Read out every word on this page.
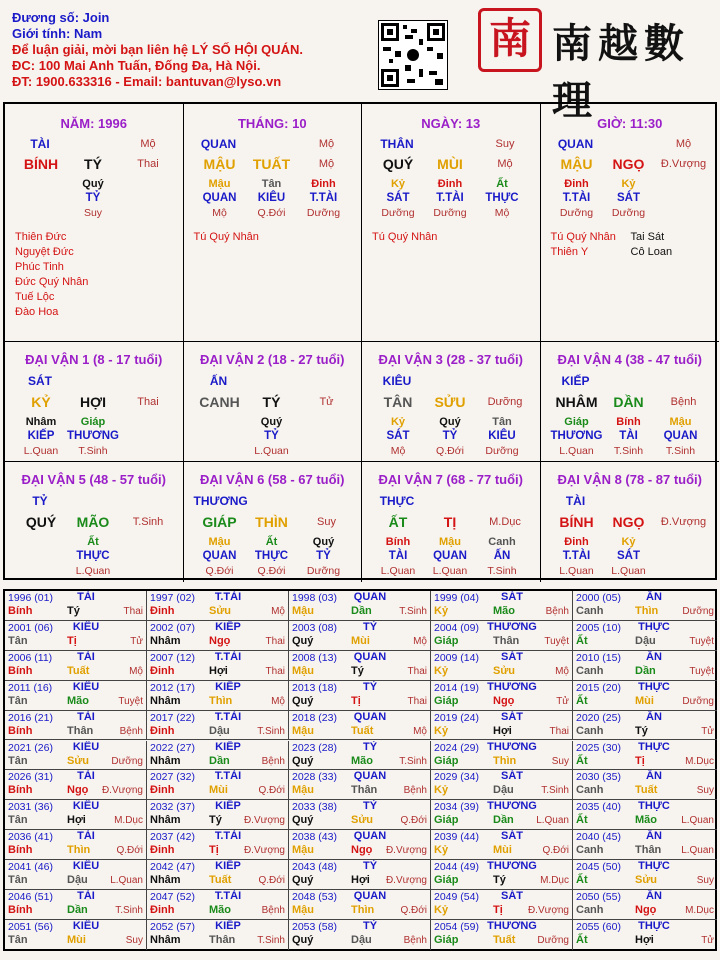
Đương số: Join
Giới tính: Nam
Để luận giải, mời bạn liên hệ LÝ SỐ HỘI QUÁN.
ĐC: 100 Mai Anh Tuấn, Đống Đa, Hà Nội.
ĐT: 1900.633316 - Email: bantuvan@lyso.vn
南 南越數理
NĂM: 1996
TÀI	Mộ
BÍNH	TÝ	Thai
Quý
TỶ
Suy
Thiên Đức
Nguyệt Đức
Phúc Tinh
Đức Quý Nhân
Tuế Lộc
Đào Hoa
THÁNG: 10
QUAN	Mộ
MẬU	TUẤT	Mộ
Mậu
QUAN
Mộ
Tân
KIÊU
Q.Đới
Đinh
T.TÀI
Dưỡng
Tú Quý Nhân
NGÀY: 13
THÂN	Suy
QUÝ	MÙI	Mộ
Kỷ
SÁT
Dưỡng
Đinh
T.TÀI
Dưỡng
Ất
THỰC
Mộ
Tú Quý Nhân
GIỜ: 11:30
QUAN	Mộ
MẬU	NGỌ	Đ.Vượng
Đinh
T.TÀI
Dưỡng
Kỷ
SÁT
Dưỡng
Tú Quý Nhân
Thiên Y
Tai Sát
Cô Loan
ĐẠI VẬN 1 (8 - 17 tuổi)
SÁT
KỶ	HỢI	Thai
Nhâm
KIẾP
L.Quan
Giáp
THƯƠNG
T.Sinh
ĐẠI VẬN 2 (18 - 27 tuổi)
ẤN
CANH	TÝ	Tử
Quý
TỶ
L.Quan
ĐẠI VẬN 3 (28 - 37 tuổi)
KIÊU
TÂN	SỬU	Dưỡng
Kỷ
SÁT
Mộ
Quý
TỶ
Q.Đới
Tân
KIÊU
Dưỡng
ĐẠI VẬN 4 (38 - 47 tuổi)
KIẾP
NHÂM	DẦN	Bệnh
Giáp
THƯƠNG
L.Quan
Bính
TÀI
T.Sinh
Mậu
QUAN
T.Sinh
ĐẠI VẬN 5 (48 - 57 tuổi)
TỶ
QUÝ	MÃO	T.Sinh
Ất
THỰC
L.Quan
ĐẠI VẬN 6 (58 - 67 tuổi)
THƯƠNG
GIÁP	THÌN	Suy
Mậu
QUAN
Q.Đới
Ất
THỰC
Q.Đới
Quý
TỶ
Dưỡng
ĐẠI VẬN 7 (68 - 77 tuổi)
THỰC
ẤT	TỊ	M.Dục
Bính
TÀI
L.Quan
Mậu
QUAN
L.Quan
Canh
ẤN
T.Sinh
ĐẠI VẬN 8 (78 - 87 tuổi)
TÀI
BÍNH	NGỌ	Đ.Vượng
Đinh
T.TÀI
L.Quan
Kỷ
SÁT
L.Quan
1996 (01)	TÀI
Bính	Tý	Thai
1997 (02)	T.TÀI
Đinh	Sửu	Mộ
1998 (03)	QUAN
Mậu	Dần	T.Sinh
1999 (04)	SÁT
Kỷ	Mão	Bệnh
2000 (05)	ẤN
Canh	Thìn Dưỡng
2001 (06)	KIÊU
Tân	Tị	Tử
2002 (07)	KIẾP
Nhâm	Ngọ	Thai
2003 (08)	TỶ
Quý	Mùi	Mộ
2004 (09) THƯƠNG
Giáp	Thân	Tuyệt
2005 (10)	THỰC
Ất	Dậu	Tuyệt
2006 (11)	TÀI
Bính	Tuất	Mộ
2007 (12)	T.TÀI
Đinh	Hợi	Thai
2008 (13)	QUAN
Mậu	Tý	Thai
2009 (14)	SÁT
Kỷ	Sửu	Mộ
2010 (15)	ẤN
Canh	Dần	Tuyệt
2011 (16)	KIÊU
Tân	Mão	Tuyệt
2012 (17)	KIẾP
Nhâm	Thìn	Mộ
2013 (18)	TỶ
Quý	Tị	Thai
2014 (19) THƯƠNG
Giáp	Ngọ	Tử
2015 (20)	THỰC
Ất	Mùi	Dưỡng
2016 (21)	TÀI
Bính	Thân	Bệnh
2017 (22)	T.TÀI
Đinh	Dậu	T.Sinh
2018 (23)	QUAN
Mậu	Tuất	Mộ
2019 (24)	SÁT
Kỷ	Hợi	Thai
2020 (25)	ẤN
Canh	Tý	Tử
2021 (26)	KIÊU
Tân	Sửu Dưỡng
2022 (27)	KIẾP
Nhâm	Dần	Bệnh
2023 (28)	TỶ
Quý	Mão	T.Sinh
2024 (29) THƯƠNG
Giáp	Thìn	Suy
2025 (30)	THỰC
Ất	Tị	M.Dục
2026 (31)	TÀI
Bính	Ngọ Đ.Vượng
2027 (32)	T.TÀI
Đinh	Mùi	Q.Đới
2028 (33)	QUAN
Mậu	Thân	Bệnh
2029 (34)	SÁT
Kỷ	Dậu	T.Sinh
2030 (35)	ẤN
Canh	Tuất	Suy
2031 (36)	KIÊU
Tân	Hợi	M.Dục
2032 (37)	KIẾP
Nhâm	Tý Đ.Vượng
2033 (38)	TỶ
Quý	Sửu	Q.Đới
2034 (39) THƯƠNG
Giáp	Dần L.Quan
2035 (40)	THỰC
Ất	Mão L.Quan
2036 (41)	TÀI
Bính	Thìn	Q.Đới
2037 (42)	T.TÀI
Đinh	Tị	Đ.Vượng
2038 (43)	QUAN
Mậu	Ngọ Đ.Vượng
2039 (44)	SÁT
Kỷ	Mùi	Q.Đới
2040 (45)	ẤN
Canh	Thân L.Quan
2041 (46)	KIÊU
Tân	Dậu L.Quan
2042 (47)	KIẾP
Nhâm	Tuất	Q.Đới
2043 (48)	TỶ
Quý	Hợi Đ.Vượng
2044 (49) THƯƠNG
Giáp	Tý	M.Dục
2045 (50)	THỰC
Ất	Sửu	Suy
2046 (51)	TÀI
Bính	Dần	T.Sinh
2047 (52)	T.TÀI
Đinh	Mão	Bệnh
2048 (53)	QUAN
Mậu	Thìn	Q.Đới
2049 (54)	SÁT
Kỷ	Tị	Đ.Vượng
2050 (55)	ẤN
Canh	Ngọ	M.Dục
2051 (56)	KIÊU
Tân	Mùi	Suy
2052 (57)	KIẾP
Nhâm	Thân T.Sinh
2053 (58)	TỶ
Quý	Dậu	Bệnh
2054 (59) THƯƠNG
Giáp	Tuất Dưỡng
2055 (60)	THỰC
Ất	Hợi	Tử
